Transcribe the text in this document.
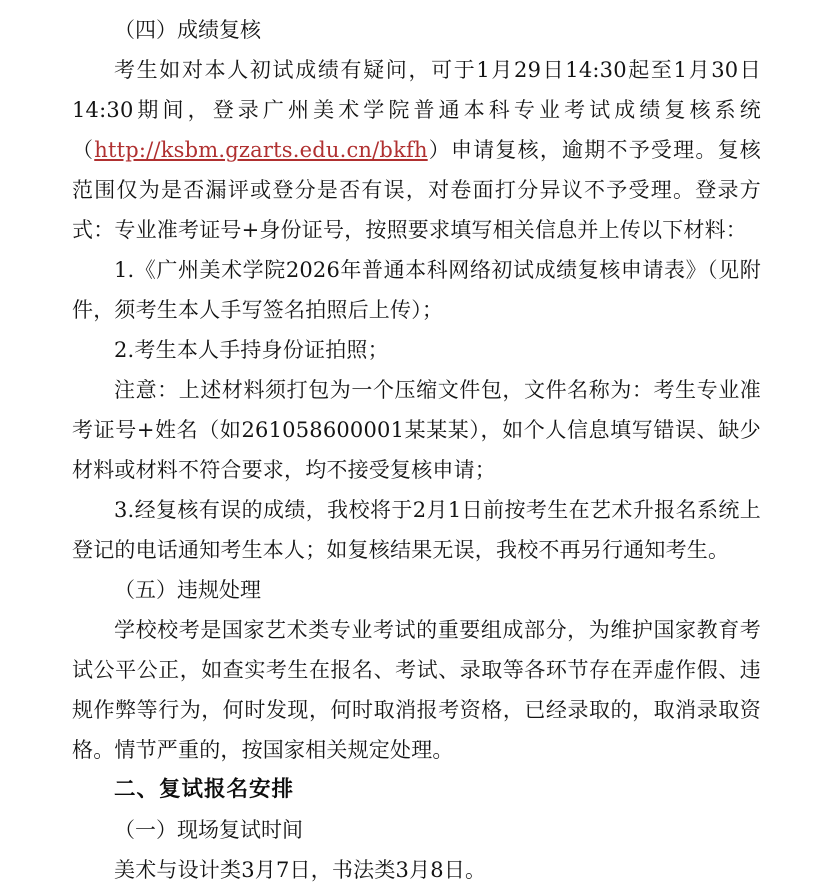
（四）成绩复核

考生如对本人初试成绩有疑问，可于1月29日14:30起至1月30日14:30期间，登录广州美术学院普通本科专业考试成绩复核系统（http://ksbm.gzarts.edu.cn/bkfh）申请复核，逾期不予受理。复核范围仅为是否漏评或登分是否有误，对卷面打分异议不予受理。登录方式：专业准考证号+身份证号，按照要求填写相关信息并上传以下材料：

1.《广州美术学院2026年普通本科网络初试成绩复核申请表》（见附件，须考生本人手写签名拍照后上传）；

2.考生本人手持身份证拍照；

注意：上述材料须打包为一个压缩文件包，文件名称为：考生专业准考证号+姓名（如261058600001某某某），如个人信息填写错误、缺少材料或材料不符合要求，均不接受复核申请；

3.经复核有误的成绩，我校将于2月1日前按考生在艺术升报名系统上登记的电话通知考生本人；如复核结果无误，我校不再另行通知考生。

（五）违规处理

学校校考是国家艺术类专业考试的重要组成部分，为维护国家教育考试公平公正，如查实考生在报名、考试、录取等各环节存在弄虚作假、违规作弊等行为，何时发现，何时取消报考资格，已经录取的，取消录取资格。情节严重的，按国家相关规定处理。

二、复试报名安排

（一）现场复试时间

美术与设计类3月7日，书法类3月8日。
